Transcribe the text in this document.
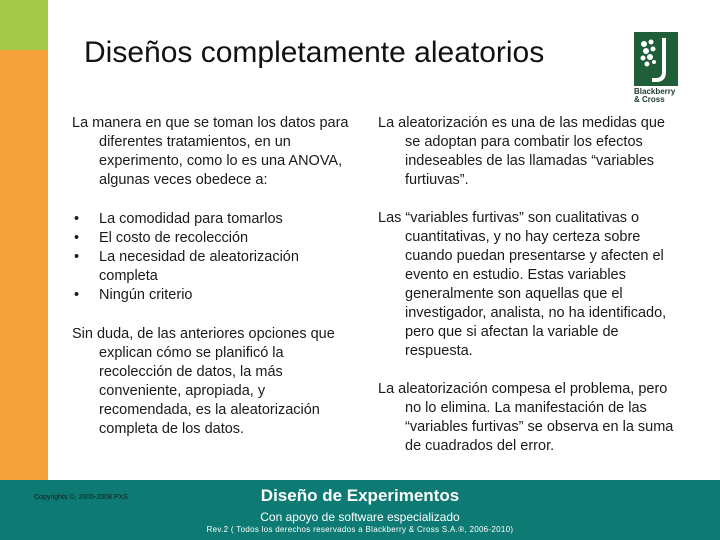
Diseños completamente aleatorios
Blackberry
& Cross

La manera en que se toman los datos para diferentes tratamientos, en un experimento, como lo es una ANOVA, algunas veces obedece a:

• La comodidad para tomarlos
• El costo de recolección
• La necesidad de aleatorización completa
• Ningún criterio

Sin duda, de las anteriores opciones que explican cómo se planificó la recolección de datos, la más conveniente, apropiada, y recomendada, es la aleatorización completa de los datos.

La aleatorización es una de las medidas que se adoptan para combatir los efectos indeseables de las llamadas “variables furtiuvas”.

Las “variables furtivas” son cualitativas o cuantitativas, y no hay certeza sobre cuando puedan presentarse y afecten el evento en estudio. Estas variables generalmente son aquellas que el investigador, analista, no ha identificado, pero que si afectan la variable de respuesta.

La aleatorización compesa el problema, pero no lo elimina. La manifestación de las “variables furtivas” se observa en la suma de cuadrados del error.

Copyrights ©, 2005-2008 PXS	Diseño de Experimentos
Con apoyo de software especializado
Rev.2 ( Todos los derechos reservados a Blackberry & Cross S.A.®, 2006-2010)
